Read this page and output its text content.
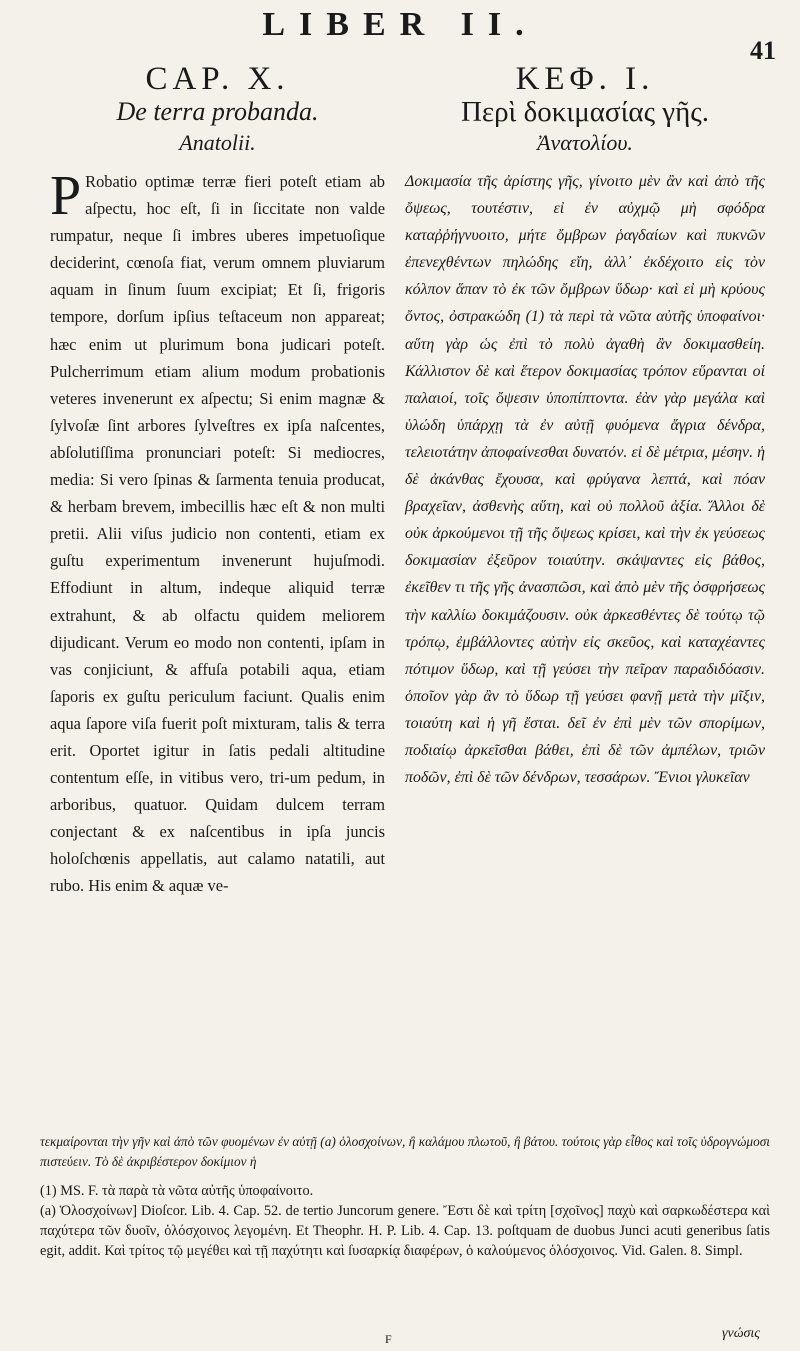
LIBER II.
41
CAP. X.
De terra probanda.
Anatolii.
P Robatio optimæ terræ fieri poteſt etiam ab aſpectu, hoc eſt, ſi in ſiccitate non valde rumpatur, neque ſi imbres uberes impetuoſique deciderint, cœnoſa fiat, verum omnem pluviarum aquam in ſinum ſuum excipiat; Et ſi, frigoris tempore, dorſum ipſius teſtaceum non appareat; hæc enim ut plurimum bona judicari poteſt. Pulcherrimum etiam alium modum probationis veteres invenerunt ex aſpectu; Si enim magnæ & ſylvoſæ ſint arbores ſylveſtres ex ipſa naſcentes, abſolutiſſima pronunciari poteſt: Si mediocres, media: Si vero ſpinas & ſarmenta tenuia producat, & herbam brevem, imbecillis hæc eſt & non multi pretii. Alii viſus judicio non contenti, etiam ex guſtu experimentum invenerunt hujuſmodi. Effodiunt in altum, indeque aliquid terræ extrahunt, & ab olfactu quidem meliorem dijudicant. Verum eo modo non contenti, ipſam in vas conjiciunt, & affuſa potabili aqua, etiam ſaporis ex guſtu periculum faciunt. Qualis enim aqua ſapore viſa fuerit poſt mixturam, talis & terra erit. Oportet igitur in ſatis pedali altitudine contentum eſſe, in vitibus vero, tri-um pedum, in arboribus, quatuor. Quidam dulcem terram conjectant & ex naſcentibus in ipſa juncis holoſchœnis appellatis, aut calamo natatili, aut rubo. His enim & aquæ ve-
ΚΕΦ. Ι.
Περὶ δοκιμασίας γῆς.
Ἀνατολίου.
Δοκιμασία τῆς ἀρίστης γῆς, γίνοιτο μὲν ἂν καὶ ἀπὸ τῆς ὄψεως, τουτέστιν, εἰ ἐν αὐχμῷ μὴ σφόδρα καταῤῥήγνυοιτο, μήτε ὄμβρων ῥαγδαίων καὶ πυκνῶν ἐπενεχθέντων πηλώδης εἴη, ἀλλ᾽ ἐκδέχοιτο εἰς τὸν κόλπον ἅπαν τὸ ἐκ τῶν ὄμβρων ὕδωρ· καὶ εἰ μὴ κρύους ὄντος, ὀστρακώδη (1) τὰ περὶ τὰ νῶτα αὐτῆς ὑποφαίνοι· αὕτη γὰρ ὡς ἐπὶ τὸ πολὺ ἀγαθὴ ἂν δοκιμασθείη. Κάλλιστον δὲ καὶ ἕτερον δοκιμασίας τρόπον εὕρανται οἱ παλαιοί, τοῖς ὄψεσιν ὑποπίπτοντα. ἐὰν γὰρ μεγάλα καὶ ὑλώδη ὑπάρχῃ τὰ ἐν αὐτῇ φυόμενα ἄγρια δένδρα, τελειοτάτην ἀποφαίνεσθαι δυνατόν. εἰ δὲ μέτρια, μέσην. ἡ δὲ ἀκάνθας ἔχουσα, καὶ φρύγανα λεπτά, καὶ πόαν βραχεῖαν, ἀσθενὴς αὕτη, καὶ οὐ πολλοῦ ἀξία. Ἄλλοι δὲ οὐκ ἀρκούμενοι τῇ τῆς ὄψεως κρίσει, καὶ τὴν ἐκ γεύσεως δοκιμασίαν ἐξεῦρον τοιαύτην. σκάψαντες εἰς βάθος, ἐκεῖθεν τι τῆς γῆς ἀνασπῶσι, καὶ ἀπὸ μὲν τῆς ὀσφρήσεως τὴν καλλίω δοκιμάζουσιν. οὐκ ἀρκεσθέντες δὲ τούτῳ τῷ τρόπῳ, ἐμβάλλοντες αὐτὴν εἰς σκεῦος, καὶ καταχέαντες πότιμον ὕδωρ, καὶ τῇ γεύσει τὴν πεῖραν παραδιδόασιν. ὁποῖον γὰρ ἂν τὸ ὕδωρ τῇ γεύσει φανῇ μετὰ τὴν μῖξιν, τοιαύτη καὶ ἡ γῆ ἔσται. δεῖ ἐν ἐπὶ μὲν τῶν σπορίμων, ποδιαίῳ ἀρκεῖσθαι βάθει, ἐπὶ δὲ τῶν ἀμπέλων, τριῶν ποδῶν, ἐπὶ δὲ τῶν δένδρων, τεσσάρων. Ἔνιοι γλυκεῖαν
τεκμαίρονται τὴν γῆν καὶ ἀπὸ τῶν φυομένων ἐν αὐτῇ (a) ὁλοσχοίνων, ἢ καλάμου πλωτοῦ, ἢ βάτου. τούτοις γὰρ εἶθος καὶ τοῖς ὑδρογνώμοσι πιστεύειν. Τὸ δὲ ἀκριβέστερον δοκίμιον ἡ

(1) MS. F. τὰ παρὰ τὰ νῶτα αὐτῆς ὑποφαίνοιτο.

(a) Ὁλοσχοίνων] Dioſcor. Lib. 4. Cap. 52. de tertio Juncorum genere. Ἔστι δὲ καὶ τρίτη [σχοῖνος] παχὺ καὶ σαρκωδέστερα καὶ παχύτερα τῶν δυοῖν, ὁλόσχοινος λεγομένη. Et Theophr. H. P. Lib. 4. Cap. 13. poſtquam de duobus Junci acuti generibus ſatis egit, addit. Καὶ τρίτος τῷ μεγέθει καὶ τῇ παχύτητι καὶ ſυσαρκίᾳ διαφέρων, ὁ καλούμενος ὁλόσχοινος. Vid. Galen. 8. Simpl.

F	γνώσις
